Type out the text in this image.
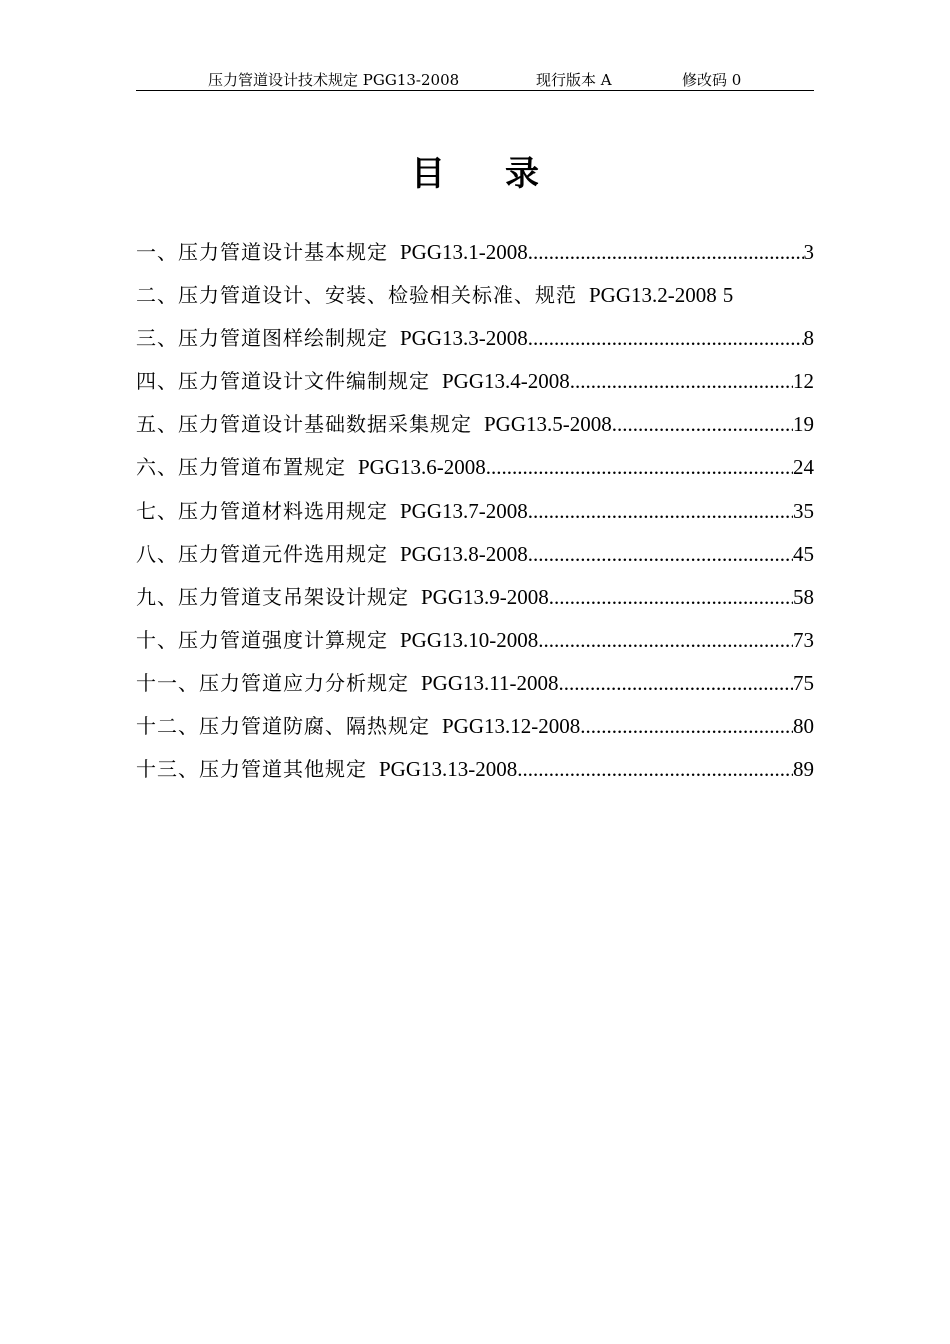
压力管道设计技术规定 PGG13-2008	现行版本 A	修改码 0
目录
一、压力管道设计基本规定 PGG13.1-2008 .....	3
二、压力管道设计、安装、检验相关标准、规范 PGG13.2-2008 5
三、压力管道图样绘制规定 PGG13.3-2008 .....	8
四、压力管道设计文件编制规定 PGG13.4-2008 .....	12
五、压力管道设计基础数据采集规定 PGG13.5-2008 .....	19
六、压力管道布置规定 PGG13.6-2008 .....	24
七、压力管道材料选用规定 PGG13.7-2008 .....	35
八、压力管道元件选用规定 PGG13.8-2008 .....	45
九、压力管道支吊架设计规定 PGG13.9-2008 .....	58
十、压力管道强度计算规定 PGG13.10-2008 .....	73
十一、压力管道应力分析规定 PGG13.11-2008 .....	75
十二、压力管道防腐、隔热规定 PGG13.12-2008 .....	80
十三、压力管道其他规定 PGG13.13-2008 .....	89
